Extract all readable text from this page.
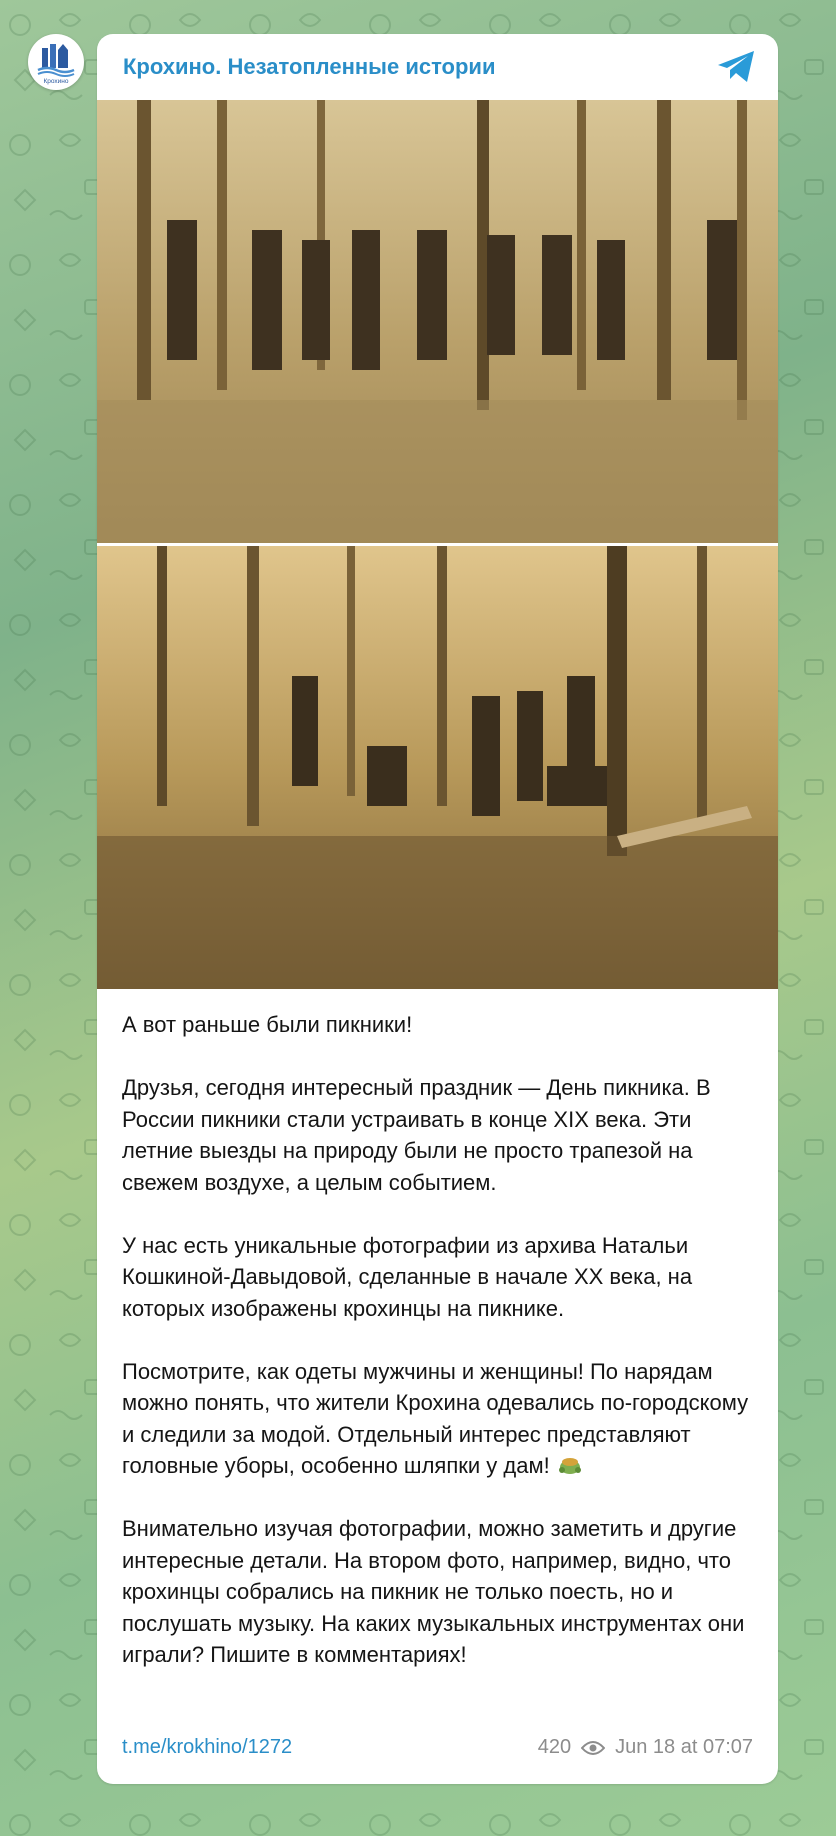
Крохино
Крохино. Незатопленные истории
А вот раньше были пикники!

Друзья, сегодня интересный праздник — День пикника. В России пикники стали устраивать в конце XIX века. Эти летние выезды на природу были не просто трапезой на свежем воздухе, а целым событием.

У нас есть уникальные фотографии из архива Натальи Кошкиной-Давыдовой, сделанные в начале XX века, на которых изображены крохинцы на пикнике.

Посмотрите, как одеты мужчины и женщины! По нарядам можно понять, что жители Крохина одевались по-городскому и следили за модой. Отдельный интерес представляют головные уборы, особенно шляпки у дам!

Внимательно изучая фотографии, можно заметить и другие интересные детали. На втором фото, например, видно, что крохинцы собрались на пикник не только поесть, но и послушать музыку. На каких музыкальных инструментах они играли? Пишите в комментариях!
t.me/krokhino/1272	420 Jun 18 at 07:07
